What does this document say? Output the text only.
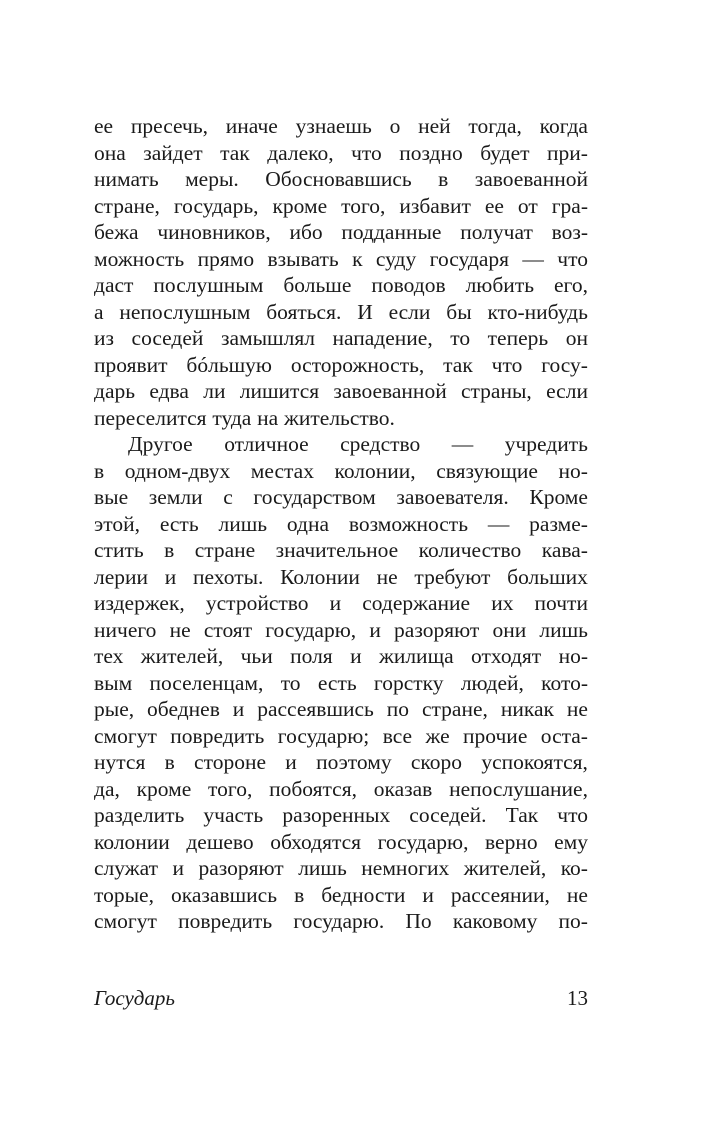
ее пресечь, иначе узнаешь о ней тогда, когда
она зайдет так далеко, что поздно будет при-
нимать меры. Обосновавшись в завоеванной
стране, государь, кроме того, избавит ее от гра-
бежа чиновников, ибо подданные получат воз-
можность прямо взывать к суду государя — что
даст послушным больше поводов любить его,
а непослушным бояться. И если бы кто-нибудь
из соседей замышлял нападение, то теперь он
проявит бóльшую осторожность, так что госу-
дарь едва ли лишится завоеванной страны, если
переселится туда на жительство.
Другое отличное средство — учредить
в одном-двух местах колонии, связующие но-
вые земли с государством завоевателя. Кроме
этой, есть лишь одна возможность — разме-
стить в стране значительное количество кава-
лерии и пехоты. Колонии не требуют больших
издержек, устройство и содержание их почти
ничего не стоят государю, и разоряют они лишь
тех жителей, чьи поля и жилища отходят но-
вым поселенцам, то есть горстку людей, кото-
рые, обеднев и рассеявшись по стране, никак не
смогут повредить государю; все же прочие оста-
нутся в стороне и поэтому скоро успокоятся,
да, кроме того, побоятся, оказав непослушание,
разделить участь разоренных соседей. Так что
колонии дешево обходятся государю, верно ему
служат и разоряют лишь немногих жителей, ко-
торые, оказавшись в бедности и рассеянии, не
смогут повредить государю. По каковому по-
Государь	13
